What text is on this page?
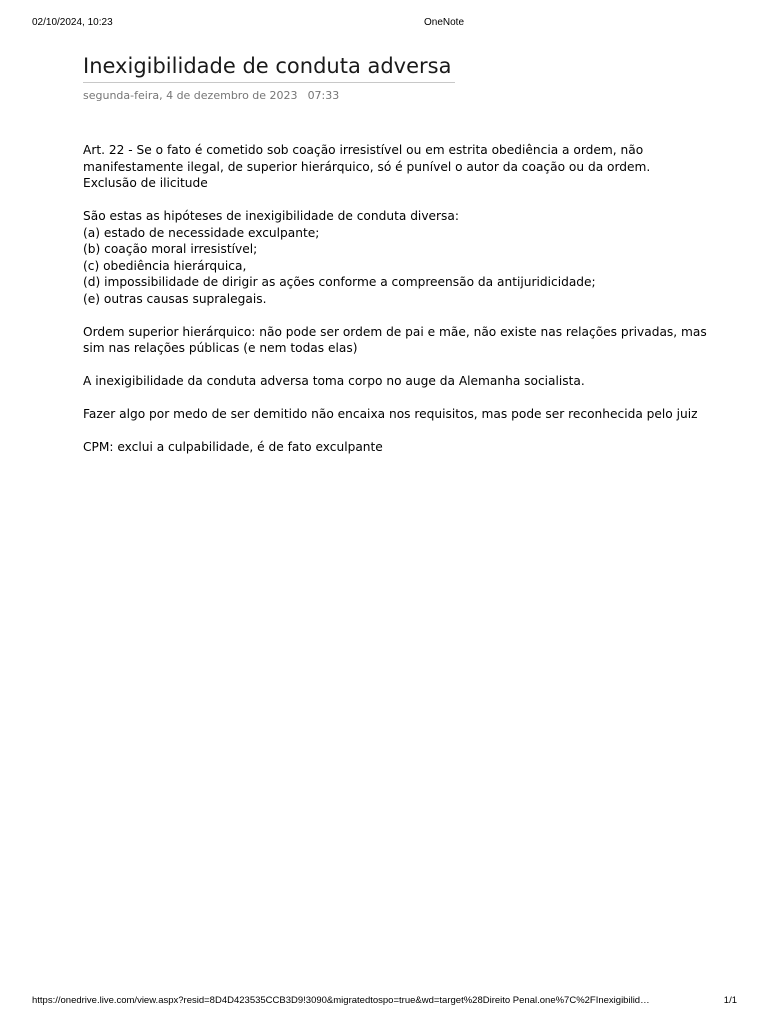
02/10/2024, 10:23	OneNote
Inexigibilidade de conduta adversa
segunda-feira, 4 de dezembro de 2023 07:33
Art. 22 - Se o fato é cometido sob coação irresistível ou em estrita obediência a ordem, não
manifestamente ilegal, de superior hierárquico, só é punível o autor da coação ou da ordem.
Exclusão de ilicitude
São estas as hipóteses de inexigibilidade de conduta diversa:
(a) estado de necessidade exculpante;
(b) coação moral irresistível;
(c) obediência hierárquica,
(d) impossibilidade de dirigir as ações conforme a compreensão da antijuridicidade;
(e) outras causas supralegais.
Ordem superior hierárquico: não pode ser ordem de pai e mãe, não existe nas relações privadas, mas
sim nas relações públicas (e nem todas elas)
A inexigibilidade da conduta adversa toma corpo no auge da Alemanha socialista.
Fazer algo por medo de ser demitido não encaixa nos requisitos, mas pode ser reconhecida pelo juiz
CPM: exclui a culpabilidade, é de fato exculpante
https://onedrive.live.com/view.aspx?resid=8D4D423535CCB3D9!3090&migratedtospo=true&wd=target%28Direito Penal.one%7C%2FInexigibilid…	1/1
